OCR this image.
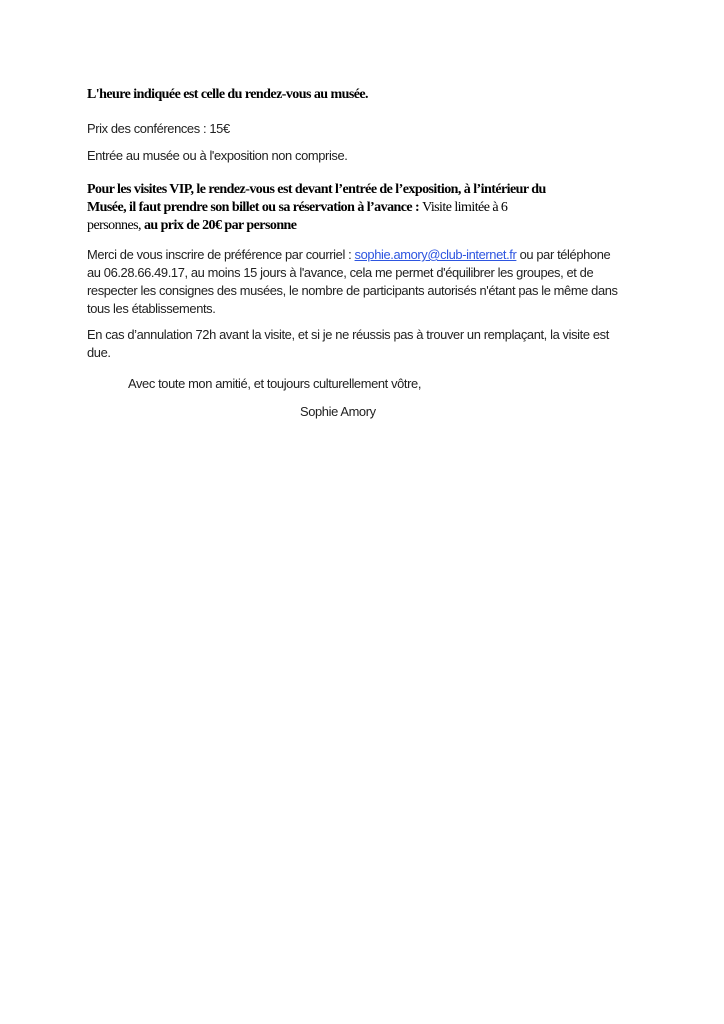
L'heure indiquée est celle du rendez-vous au musée.

Prix des conférences : 15€

Entrée au musée ou à l'exposition non comprise.

Pour les visites VIP, le rendez-vous est devant l’entrée de l’exposition, à l’intérieur du
Musée, il faut prendre son billet ou sa réservation à l’avance : Visite limitée à 6
personnes, au prix de 20€ par personne
Merci de vous inscrire de préférence par courriel : sophie.amory@club-internet.fr ou par téléphone
au 06.28.66.49.17, au moins 15 jours à l'avance, cela me permet d'équilibrer les groupes, et de
respecter les consignes des musées, le nombre de participants autorisés n'étant pas le même dans
tous les établissements.
En cas d’annulation 72h avant la visite, et si je ne réussis pas à trouver un remplaçant, la visite est
due.

Avec toute mon amitié, et toujours culturellement vôtre,

Sophie Amory
